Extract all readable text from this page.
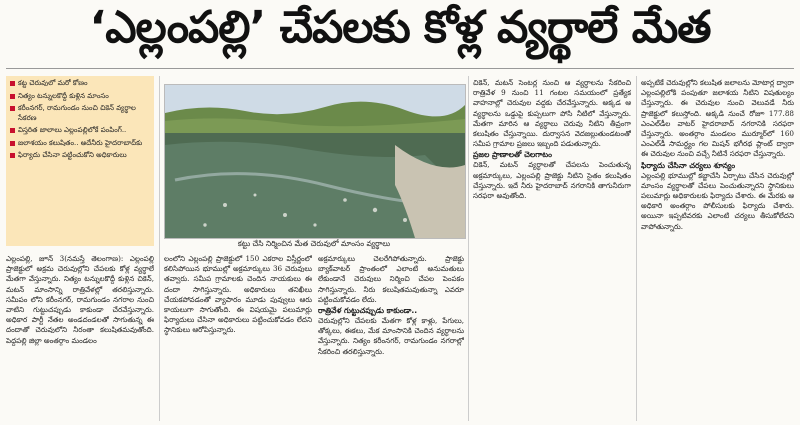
‘ఎల్లంపల్లి’ చేపలకు కోళ్ల వ్యర్థాలే మేత
కట్ట చెరువులో మరో కోణం
నిత్యం టన్నులకొద్దీ కుళ్లిన మాంసం
కరీంనగర్, రామగుండం నుంచి చికెన్ వ్యర్థాల సేకరణ
విస్తరిత జాలాలు ఎల్లంపల్లిలోకే పంపింగ్..
జలాశయం కలుషితం.. అదేనీరు హైదరాబాద్‌కు
ఫిర్యాదు చేసినా పట్టించుకోని అధికారులు
కట్టు చేసి నిర్మించిన మేత చెరువులో మాంసం వ్యర్థాలు

ఎల్లంపల్లి, జూన్ 3(నమస్తే తెలంగాణ): ఎల్లంపల్లి ప్రాజెక్టులో అక్రమ చెరువుల్లోని చేపలకు కోళ్ల వ్యర్థాలే మేతగా వేస్తున్నారు. నిత్యం టన్నులకొద్దీ కుళ్లిన చికెన్, మటన్ మాంసాన్ని రాత్రివేళల్లో తరలిస్తున్నారు. సమీపం లోని కరీంనగర్, రామగుండం నగరాల నుంచి వాటిని గుట్టుచప్పుడు కాకుండా చేరవేస్తున్నారు. అధికార పార్టీ నేతల అండదండలతో సాగుతున్న ఈ దందాతో చెరువులోని నీరంతా కలుషితమవుతోంది. పెద్దపల్లి జిల్లా అంతర్గాం మండలం

లంలోని ఎల్లంపల్లి ప్రాజెక్టులో 150 ఎకరాల విస్తీర్ణంలో కలిసిపోయిన భూముల్లో అక్రమార్కులు 36 చెరువులు తవ్వారు. సమీప గ్రామాలకు చెందిన నాయకులు ఈ దందా సాగిస్తున్నారు. అధికారులు తనిఖీలు చేయకపోవడంతో వ్యాపారం మూడు పువ్వులు ఆరు కాయలుగా సాగుతోంది. ఈ విషయమై పలుమార్లు ఫిర్యాదులు చేసినా అధికారులు పట్టించుకోవడం లేదని స్థానికులు ఆరోపిస్తున్నారు.

అక్రమార్కులు చెలరేగిపోతున్నారు. ప్రాజెక్టు బ్యాక్‌వాటర్ ప్రాంతంలో ఎలాంటి అనుమతులు లేకుండానే చెరువులు నిర్మించి చేపల పెంపకం సాగిస్తున్నారు. నీరు కలుషితమవుతున్నా ఎవరూ పట్టించుకోవడం లేదు.

రాత్రివేళ గుట్టుచప్పుడు కాకుండా..

చెరువుల్లోని చేపలకు మేతగా కోళ్ల కాళ్లు, పేగులు, తోక్కలు, ఈకలు, మేక మాంసానికి చెందిన వ్యర్థాలను వేస్తున్నారు. నిత్యం కరీంనగర్, రామగుండం నగరాల్లో సేకరించి తరలిస్తున్నారు.

చికెన్, మటన్ సెంటర్ల నుంచి ఆ వ్యర్థాలను సేకరించి రాత్రివేళ 9 నుంచి 11 గంటల సమయంలో ప్రత్యేక వాహనాల్లో చెరువుల వద్దకు చేరవేస్తున్నారు. అక్కడ ఆ వ్యర్థాలను ఒడ్డుపై కుప్పలుగా పోసి నీటిలో వేస్తున్నారు. మేతగా మారిన ఆ వ్యర్థాలు చెరువు నీటిని తీవ్రంగా కలుషితం చేస్తున్నాయి. దుర్వాసన వెదజల్లుతుండటంతో సమీప గ్రామాల ప్రజలు ఇబ్బంది పడుతున్నారు.

ప్రజల ప్రాణాలతో చెలగాటం

చికెన్, మటన్ వ్యర్థాలతో చేపలను పెంచుతున్న అక్రమార్కులు, ఎల్లంపల్లి ప్రాజెక్టు నీటిని సైతం కలుషితం చేస్తున్నారు. ఇదే నీరు హైదరాబాద్ నగరానికి తాగునీరుగా సరఫరా అవుతోంది.

అప్పటికే చెరువుల్లోని కలుషిత జలాలను మోటార్ల ద్వారా ఎల్లంపల్లిలోకి పంపుతూ జలాశయ నీటిని విషతుల్యం చేస్తున్నారు. ఈ చెరువుల నుంచి వెలువడే నీరు ప్రాజెక్టులో కలుస్తోంది. అక్కడి నుంచే రోజూ 177.88 ఎంఎల్‌డీల వాటర్ హైదరాబాద్ నగరానికి సరఫరా చేస్తున్నారు. అంతర్గాం మండలం ముర్మూర్‌లో 160 ఎంఎల్‌డీ సామర్థ్యం గల మిషన్ భగీరథ ప్లాంట్ ద్వారా ఈ చెరువుల నుంచి వచ్చే నీటినే సరఫరా చేస్తున్నారు.

ఫిర్యాదు చేసినా చర్యలు శూన్యం

ఎల్లంపల్లి భూముల్లో కబ్జాచేసి ఏర్పాటు చేసిన చెరువుల్లో మాంసం వ్యర్థాలతో చేపలు పెంచుతున్నారని స్థానికులు పలుమార్లు అధికారులకు ఫిర్యాదు చేశారు. ఈ మేరకు ఆ అధికారి అంతర్గాం పోలీసులకు ఫిర్యాదు చేశారు. అయినా ఇప్పటివరకు ఎలాంటి చర్యలు తీసుకోలేదని వాపోతున్నారు.
